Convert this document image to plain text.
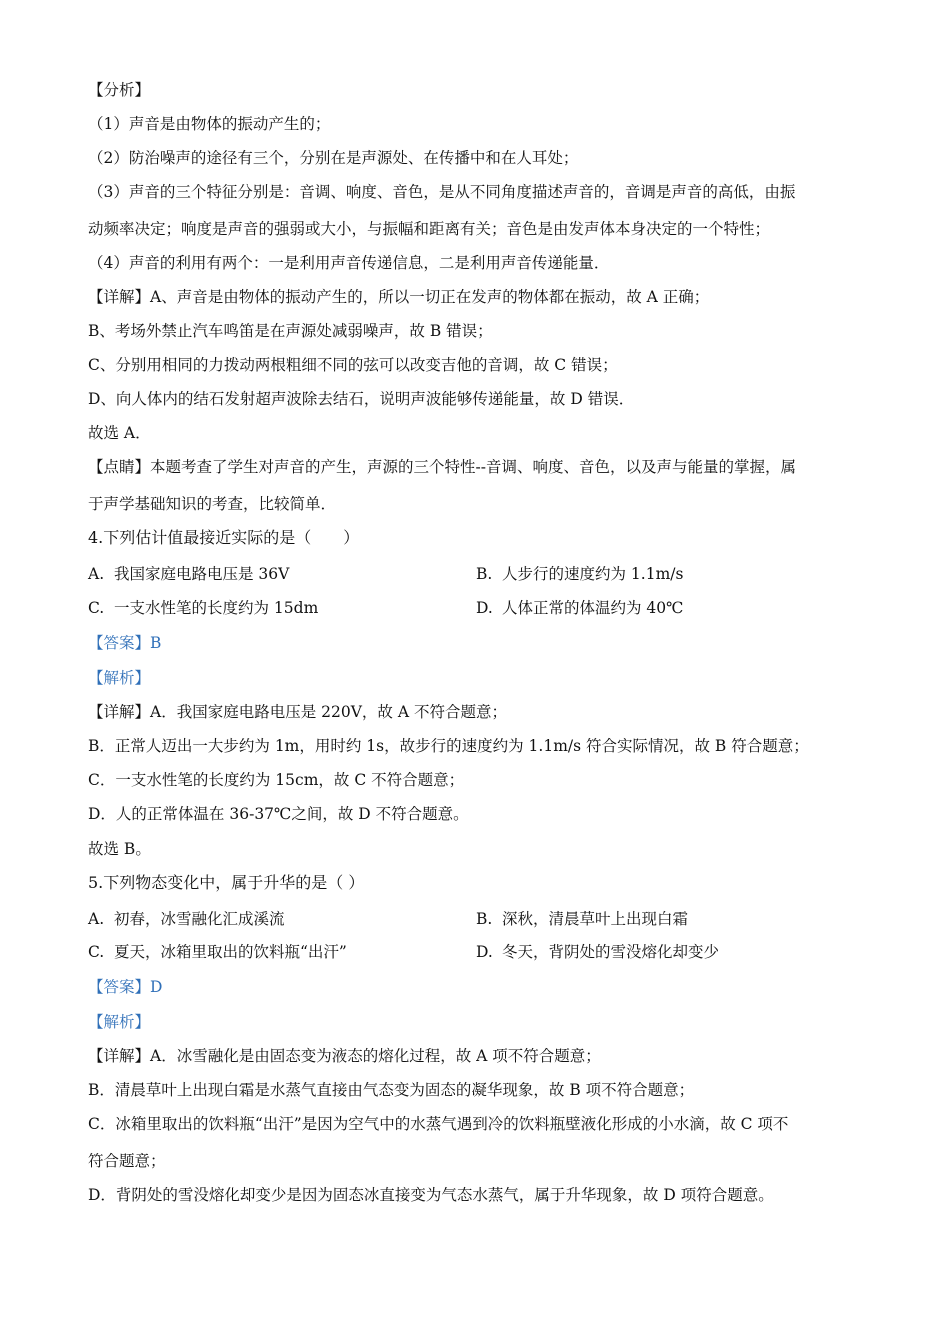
【分析】
（1）声音是由物体的振动产生的；
（2）防治噪声的途径有三个，分别在是声源处、在传播中和在人耳处；
（3）声音的三个特征分别是：音调、响度、音色，是从不同角度描述声音的，音调是声音的高低，由振
动频率决定；响度是声音的强弱或大小，与振幅和距离有关；音色是由发声体本身决定的一个特性；
（4）声音的利用有两个：一是利用声音传递信息，二是利用声音传递能量．
【详解】A、声音是由物体的振动产生的，所以一切正在发声的物体都在振动，故 A 正确；
B、考场外禁止汽车鸣笛是在声源处减弱噪声，故 B 错误；
C、分别用相同的力拨动两根粗细不同的弦可以改变吉他的音调，故 C 错误；
D、向人体内的结石发射超声波除去结石，说明声波能够传递能量，故 D 错误．
故选 A．
【点睛】本题考查了学生对声音的产生，声源的三个特性--音调、响度、音色，以及声与能量的掌握，属
于声学基础知识的考查，比较简单．
4.下列估计值最接近实际的是（　　）
A. 我国家庭电路电压是 36V	B. 人步行的速度约为 1.1m/s
C. 一支水性笔的长度约为 15dm	D. 人体正常的体温约为 40℃
【答案】B
【解析】
【详解】A．我国家庭电路电压是 220V，故 A 不符合题意；
B．正常人迈出一大步约为 1m，用时约 1s，故步行的速度约为 1.1m/s 符合实际情况，故 B 符合题意；
C．一支水性笔的长度约为 15cm，故 C 不符合题意；
D．人的正常体温在 36-37℃之间，故 D 不符合题意。
故选 B。
5.下列物态变化中，属于升华的是（ ）
A. 初春，冰雪融化汇成溪流	B. 深秋，清晨草叶上出现白霜
C. 夏天，冰箱里取出的饮料瓶“出汗”	D. 冬天，背阴处的雪没熔化却变少
【答案】D
【解析】
【详解】A．冰雪融化是由固态变为液态的熔化过程，故 A 项不符合题意；
B．清晨草叶上出现白霜是水蒸气直接由气态变为固态的凝华现象，故 B 项不符合题意；
C．冰箱里取出的饮料瓶“出汗”是因为空气中的水蒸气遇到冷的饮料瓶壁液化形成的小水滴，故 C 项不
符合题意；
D．背阴处的雪没熔化却变少是因为固态冰直接变为气态水蒸气，属于升华现象，故 D 项符合题意。
